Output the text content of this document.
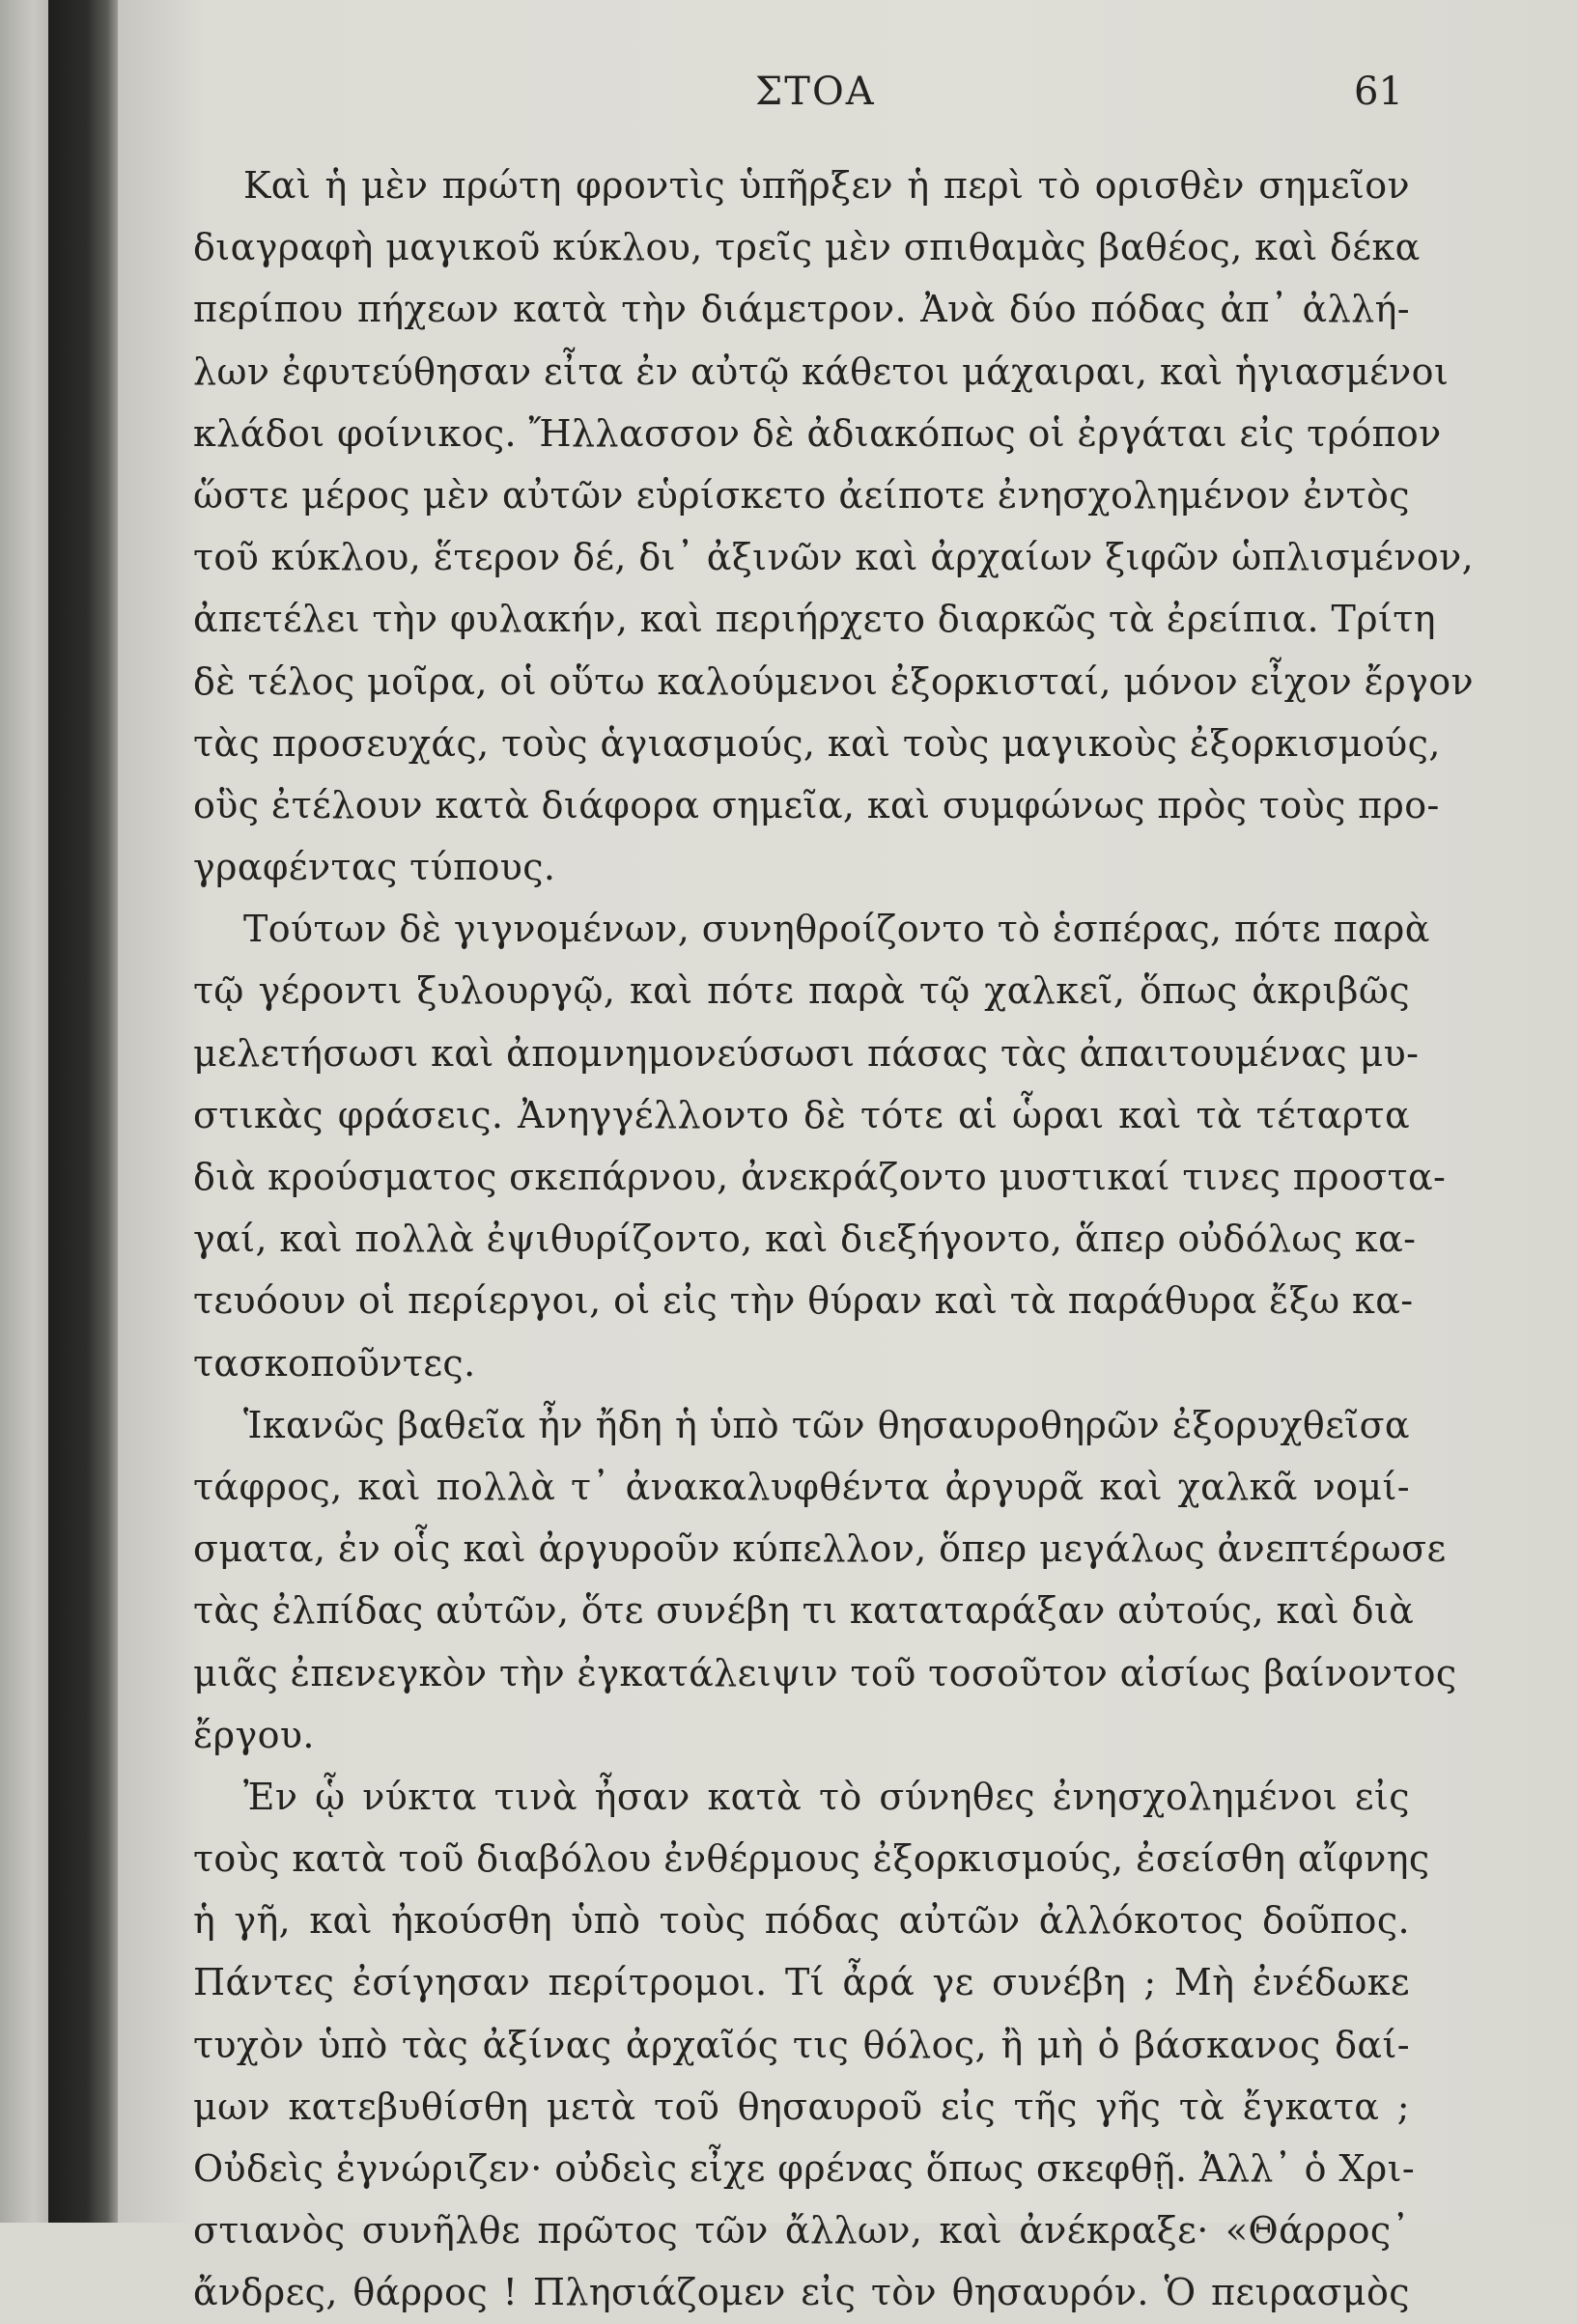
ΣΤΟΑ	61
Καὶ ἡ μὲν πρώτη φροντὶς ὑπῆρξεν ἡ περὶ τὸ ορισθὲν σημεῖον
διαγραφὴ μαγικοῦ κύκλου, τρεῖς μὲν σπιθαμὰς βαθέος, καὶ δέκα
περίπου πήχεων κατὰ τὴν διάμετρον. Ἀνὰ δύο πόδας ἀπ᾽ ἀλλή-
λων ἐφυτεύθησαν εἶτα ἐν αὐτῷ κάθετοι μάχαιραι, καὶ ἡγιασμένοι
κλάδοι φοίνικος. Ἤλλασσον δὲ ἀδιακόπως οἱ ἐργάται εἰς τρόπον
ὥστε μέρος μὲν αὐτῶν εὑρίσκετο ἀείποτε ἐνησχολημένον ἐντὸς
τοῦ κύκλου, ἕτερον δέ, δι᾽ ἀξινῶν καὶ ἀρχαίων ξιφῶν ὡπλισμένον,
ἀπετέλει τὴν φυλακήν, καὶ περιήρχετο διαρκῶς τὰ ἐρείπια. Τρίτη
δὲ τέλος μοῖρα, οἱ οὕτω καλούμενοι ἐξορκισταί, μόνον εἶχον ἔργον
τὰς προσευχάς, τοὺς ἁγιασμούς, καὶ τοὺς μαγικοὺς ἐξορκισμούς,
οὓς ἐτέλουν κατὰ διάφορα σημεῖα, καὶ συμφώνως πρὸς τοὺς προ-
γραφέντας τύπους.
Τούτων δὲ γιγνομένων, συνηθροίζοντο τὸ ἑσπέρας, πότε παρὰ
τῷ γέροντι ξυλουργῷ, καὶ πότε παρὰ τῷ χαλκεῖ, ὅπως ἀκριβῶς
μελετήσωσι καὶ ἀπομνημονεύσωσι πάσας τὰς ἀπαιτουμένας μυ-
στικὰς φράσεις. Ἀνηγγέλλοντο δὲ τότε αἱ ὧραι καὶ τὰ τέταρτα
διὰ κρούσματος σκεπάρνου, ἀνεκράζοντο μυστικαί τινες προστα-
γαί, καὶ πολλὰ ἐψιθυρίζοντο, καὶ διεξήγοντο, ἅπερ οὐδόλως κα-
τευόουν οἱ περίεργοι, οἱ εἰς τὴν θύραν καὶ τὰ παράθυρα ἔξω κα-
τασκοποῦντες.
Ἱκανῶς βαθεῖα ἦν ἤδη ἡ ὑπὸ τῶν θησαυροθηρῶν ἐξορυχθεῖσα
τάφρος, καὶ πολλὰ τ᾽ ἀνακαλυφθέντα ἀργυρᾶ καὶ χαλκᾶ νομί-
σματα, ἐν οἷς καὶ ἀργυροῦν κύπελλον, ὅπερ μεγάλως ἀνεπτέρωσε
τὰς ἐλπίδας αὐτῶν, ὅτε συνέβη τι καταταράξαν αὐτούς, καὶ διὰ
μιᾶς ἐπενεγκὸν τὴν ἐγκατάλειψιν τοῦ τοσοῦτον αἰσίως βαίνοντος
ἔργου.
Ἐν ᾧ νύκτα τινὰ ἦσαν κατὰ τὸ σύνηθες ἐνησχολημένοι εἰς
τοὺς κατὰ τοῦ διαβόλου ἐνθέρμους ἐξορκισμούς, ἐσείσθη αἴφνης
ἡ γῆ, καὶ ἠκούσθη ὑπὸ τοὺς πόδας αὐτῶν ἀλλόκοτος δοῦπος.
Πάντες ἐσίγησαν περίτρομοι. Τί ἆρά γε συνέβη ; Μὴ ἐνέδωκε
τυχὸν ὑπὸ τὰς ἀξίνας ἀρχαῖός τις θόλος, ἢ μὴ ὁ βάσκανος δαί-
μων κατεβυθίσθη μετὰ τοῦ θησαυροῦ εἰς τῆς γῆς τὰ ἔγκατα ;
Οὐδεὶς ἐγνώριζεν· οὐδεὶς εἶχε φρένας ὅπως σκεφθῇ. Ἀλλ᾽ ὁ Χρι-
στιανὸς συνῆλθε πρῶτος τῶν ἄλλων, καὶ ἀνέκραξε· «Θάρρος᾽
ἄνδρες, θάρρος ! Πλησιάζομεν εἰς τὸν θησαυρόν. Ὁ πειρασμὸς
